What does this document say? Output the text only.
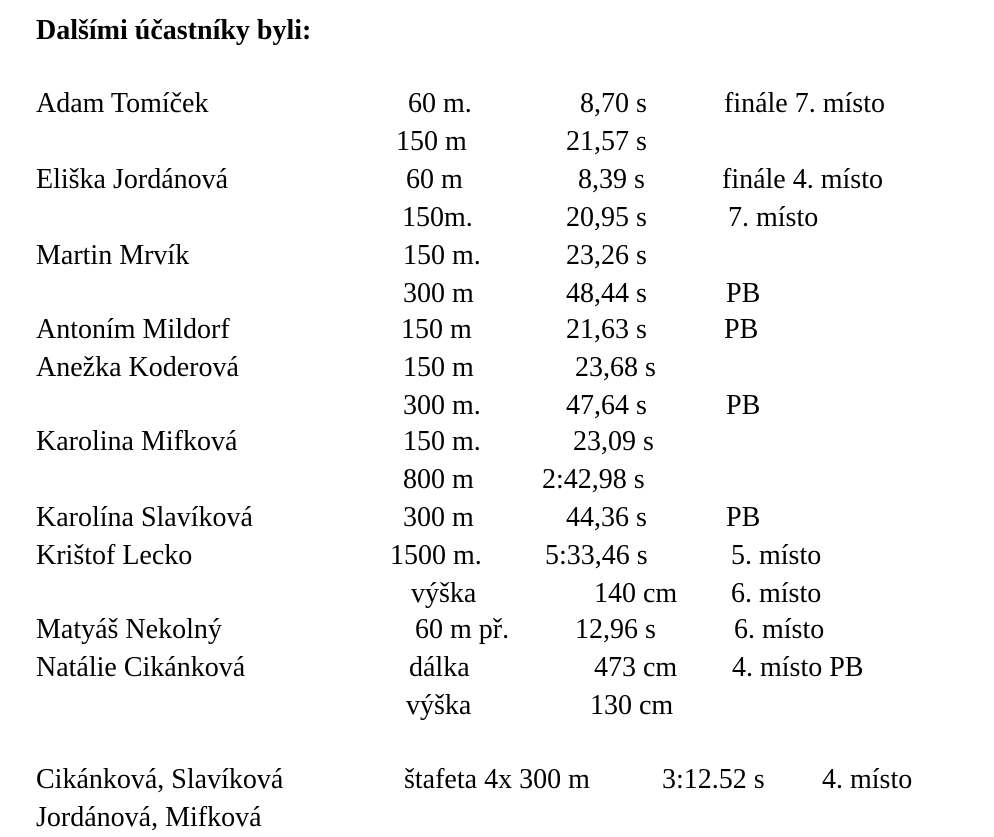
Dalšími účastníky byli:
Adam Tomíček	60 m.	8,70 s	finále 7. místo
150 m	21,57 s
Eliška Jordánová	60 m	8,39 s	finále 4. místo
150m.	20,95 s	7. místo
Martin Mrvík	150 m.	23,26 s
300 m	48,44 s	PB
Antoním Mildorf	150 m	21,63 s	PB
Anežka Koderová	150 m	23,68 s
300 m.	47,64 s	PB
Karolina Mifková	150 m.	23,09 s
800 m 2:42,98 s
Karolína Slavíková	300 m	44,36 s	PB
Krištof Lecko	1500 m. 5:33,46 s	5. místo
výška	140 cm 6. místo
Matyáš Nekolný	60 m př. 12,96 s	6. místo
Natálie Cikánková	dálka	473 cm 4. místo PB
výška	130 cm
Cikánková, Slavíková	štafeta 4x 300 m	3:12.52 s 4. místo
Jordánová, Mifková
